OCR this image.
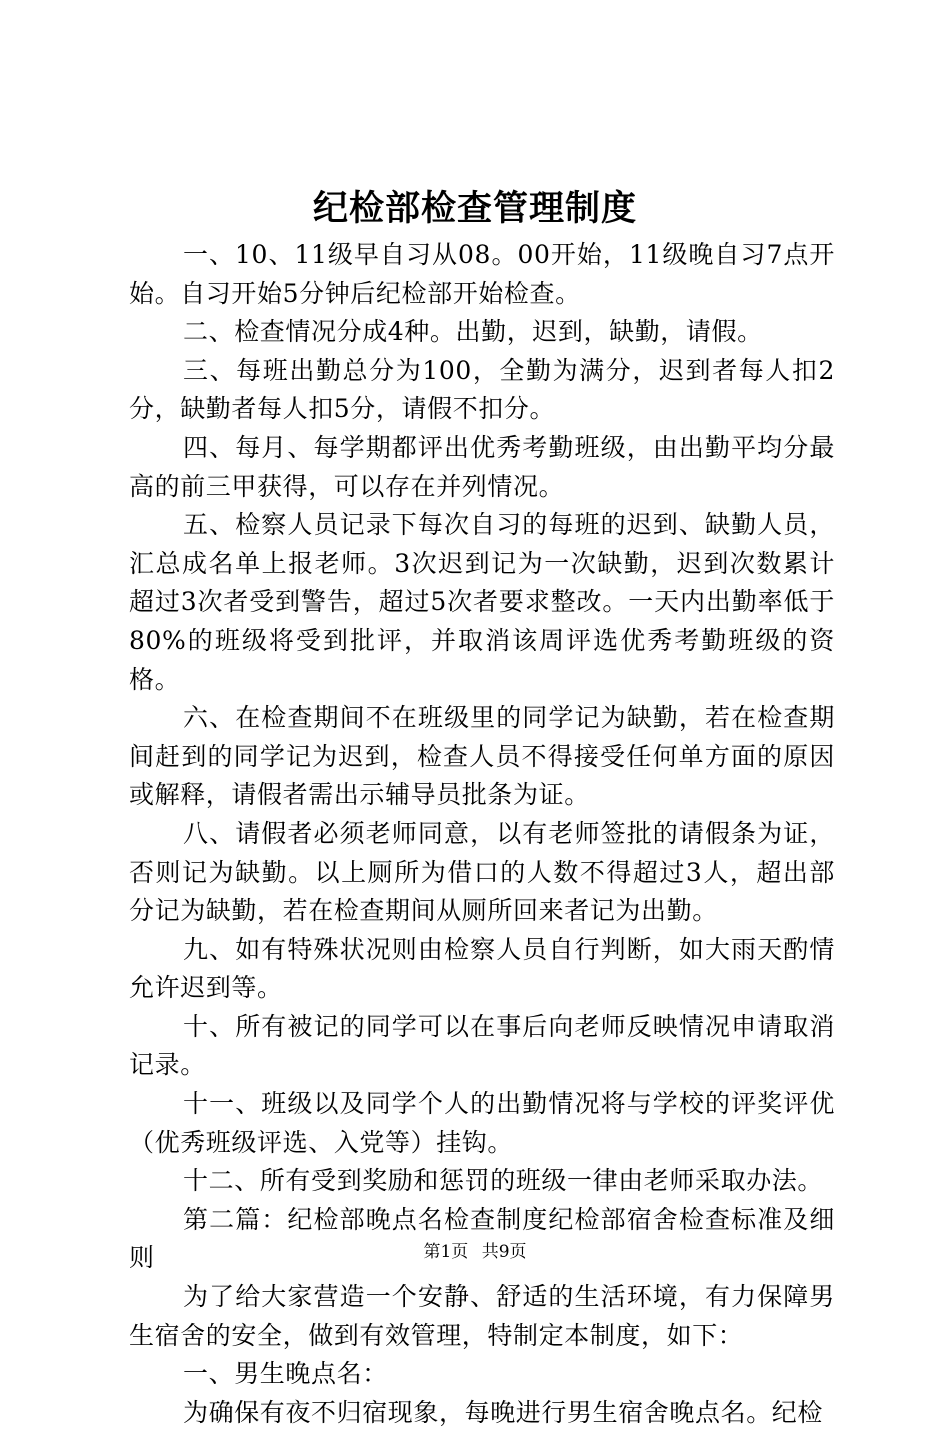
纪检部检查管理制度

一、10、11级早自习从08。00开始，11级晚自习7点开始。自习开始5分钟后纪检部开始检查。

二、检查情况分成4种。出勤，迟到，缺勤，请假。

三、每班出勤总分为100，全勤为满分，迟到者每人扣2分，缺勤者每人扣5分，请假不扣分。

四、每月、每学期都评出优秀考勤班级，由出勤平均分最高的前三甲获得，可以存在并列情况。

五、检察人员记录下每次自习的每班的迟到、缺勤人员，汇总成名单上报老师。3次迟到记为一次缺勤，迟到次数累计超过3次者受到警告，超过5次者要求整改。一天内出勤率低于80%的班级将受到批评，并取消该周评选优秀考勤班级的资格。

六、在检查期间不在班级里的同学记为缺勤，若在检查期间赶到的同学记为迟到，检查人员不得接受任何单方面的原因或解释，请假者需出示辅导员批条为证。

八、请假者必须老师同意，以有老师签批的请假条为证，否则记为缺勤。以上厕所为借口的人数不得超过3人，超出部分记为缺勤，若在检查期间从厕所回来者记为出勤。

九、如有特殊状况则由检察人员自行判断，如大雨天酌情允许迟到等。

十、所有被记的同学可以在事后向老师反映情况申请取消记录。

十一、班级以及同学个人的出勤情况将与学校的评奖评优（优秀班级评选、入党等）挂钩。

十二、所有受到奖励和惩罚的班级一律由老师采取办法。

第二篇：纪检部晚点名检查制度纪检部宿舍检查标准及细则

为了给大家营造一个安静、舒适的生活环境，有力保障男生宿舍的安全，做到有效管理，特制定本制度，如下：

一、男生晚点名：

为确保有夜不归宿现象，每晚进行男生宿舍晚点名。纪检

第1页 共9页
